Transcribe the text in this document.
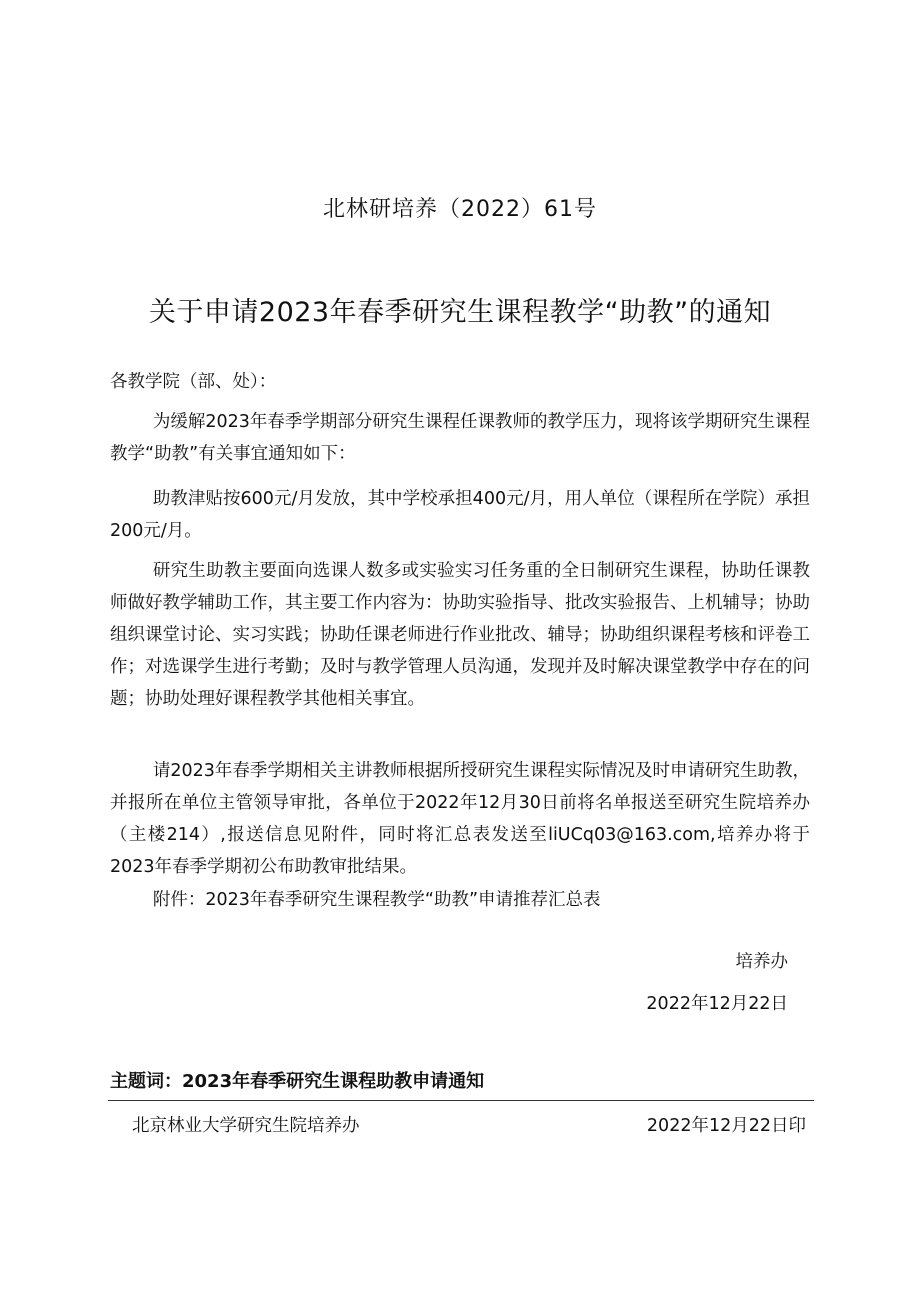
北林研培养（2022）61号
关于申请2023年春季研究生课程教学“助教”的通知
各教学院（部、处）：

为缓解2023年春季学期部分研究生课程任课教师的教学压力，现将该学期研究生课程教学“助教”有关事宜通知如下：

助教津贴按600元/月发放，其中学校承担400元/月，用人单位（课程所在学院）承担200元/月。

研究生助教主要面向选课人数多或实验实习任务重的全日制研究生课程，协助任课教师做好教学辅助工作，其主要工作内容为：协助实验指导、批改实验报告、上机辅导；协助组织课堂讨论、实习实践；协助任课老师进行作业批改、辅导；协助组织课程考核和评卷工作；对选课学生进行考勤；及时与教学管理人员沟通，发现并及时解决课堂教学中存在的问题；协助处理好课程教学其他相关事宜。

请2023年春季学期相关主讲教师根据所授研究生课程实际情况及时申请研究生助教，并报所在单位主管领导审批，各单位于2022年12月30日前将名单报送至研究生院培养办（主楼214）,报送信息见附件，同时将汇总表发送至liUCq03@163.com,培养办将于2023年春季学期初公布助教审批结果。

附件：2023年春季研究生课程教学“助教”申请推荐汇总表

培养办
2022年12月22日
主题词：2023年春季研究生课程助教申请通知
北京林业大学研究生院培养办	2022年12月22日印
